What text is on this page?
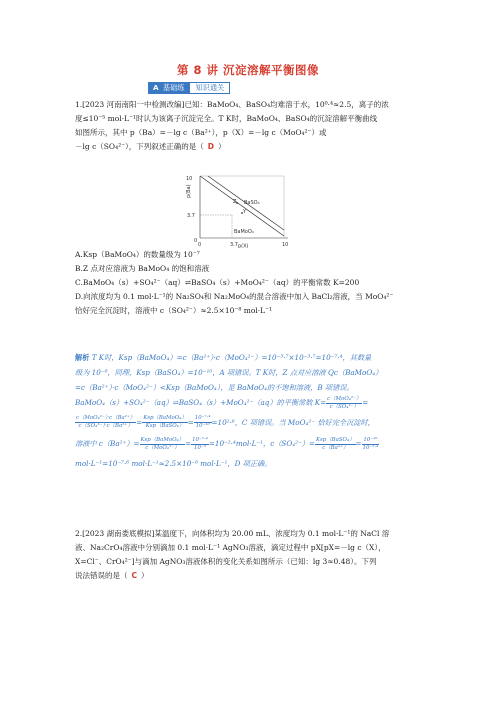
第 8 讲 沉淀溶解平衡图像
A 基础练	知识通关
1.[2023 河南南阳一中检测改编]已知：BaMoO₄、BaSO₄均难溶于水，10⁰·⁴≈2.5，离子的浓
度≤10⁻⁵ mol·L⁻¹时认为该离子沉淀完全。T K时，BaMoO₄、BaSO₄的沉淀溶解平衡曲线
如图所示，其中 p（Ba）=－lg c（Ba²⁺），p（X）=－lg c（MoO₄²⁻）或
－lg c（SO₄²⁻），下列叙述正确的是（ D ）
10
3.7
0
0	3.7	10
p(Ba)
p(X)
Z
Y
BaSO₄
BaMoO₄
A.Ksp（BaMoO₄）的数量级为 10⁻⁷
B.Z 点对应溶液为 BaMoO₄ 的饱和溶液
C.BaMoO₄（s）+SO₄²⁻（aq）⇌BaSO₄（s）+MoO₄²⁻（aq）的平衡常数 K=200
D.向浓度均为 0.1 mol·L⁻¹的 Na₂SO₄和 Na₂MoO₄的混合溶液中加入 BaCl₂溶液，当 MoO₄²⁻
恰好完全沉淀时，溶液中 c（SO₄²⁻）≈2.5×10⁻⁸ mol·L⁻¹
解析 T K时，Ksp（BaMoO₄）=c（Ba²⁺）·c（MoO₄²⁻）=10⁻³·⁷×10⁻³·⁷=10⁻⁷·⁴，其数量
级为 10⁻⁸，同理，Ksp（BaSO₄）=10⁻¹⁰，A 项错误。T K时，Z 点对应溶液 Qc（BaMoO₄）
=c（Ba²⁺）·c（MoO₄²⁻）<Ksp（BaMoO₄），是 BaMoO₄的不饱和溶液，B 项错误。
BaMoO₄（s）+SO₄²⁻（aq）⇌BaSO₄（s）+MoO₄²⁻（aq）的平衡常数 $K= \frac{\text{c（MoO₄²⁻）}}{\text{c（SO₄²⁻）}}$ =
$\frac{\text{c（MoO₄²⁻）·c（Ba²⁺）}}{\text{c（SO₄²⁻）·c（Ba²⁺）}} = \frac{\text{Ksp（BaMoO₄）}}{\text{Ksp（BaSO₄）}} = \frac{\text{10⁻⁷·⁴}}{\text{10⁻¹⁰}} =10^2\cdot^6$，C 项错误。当 MoO₄²⁻ 恰好完全沉淀时，
溶液中 $c(Ba^{2+})= \frac{\text{Ksp（BaMoO₄）}}{\text{c（MoO₄²⁻）}} = \frac{\text{10⁻⁷·⁴}}{\text{10⁻⁵}} =10^{-2}\cdot^4mol\cdot L^{-1}$，$c(SO_4^{2-})= \frac{\text{Ksp（BaSO₄）}}{\text{c（Ba²⁺）}} = \frac{\text{10⁻¹⁰}}{\text{10⁻²·⁴}}$
mol·L⁻¹=10⁻⁷·⁶ mol·L⁻¹≈2.5×10⁻⁸ mol·L⁻¹，D 项正确。
2.[2023 湖南娄底模拟]某温度下，向体积均为 20.00 mL、浓度均为 0.1 mol·L⁻¹的 NaCl 溶
液、Na₂CrO₄溶液中分别滴加 0.1 mol·L⁻¹ AgNO₃溶液，滴定过程中 pX[pX=－lg c（X），
X=Cl⁻、CrO₄²⁻]与滴加 AgNO₃溶液体积的变化关系如图所示（已知：lg 3≈0.48）。下列
说法错误的是（ C ）
